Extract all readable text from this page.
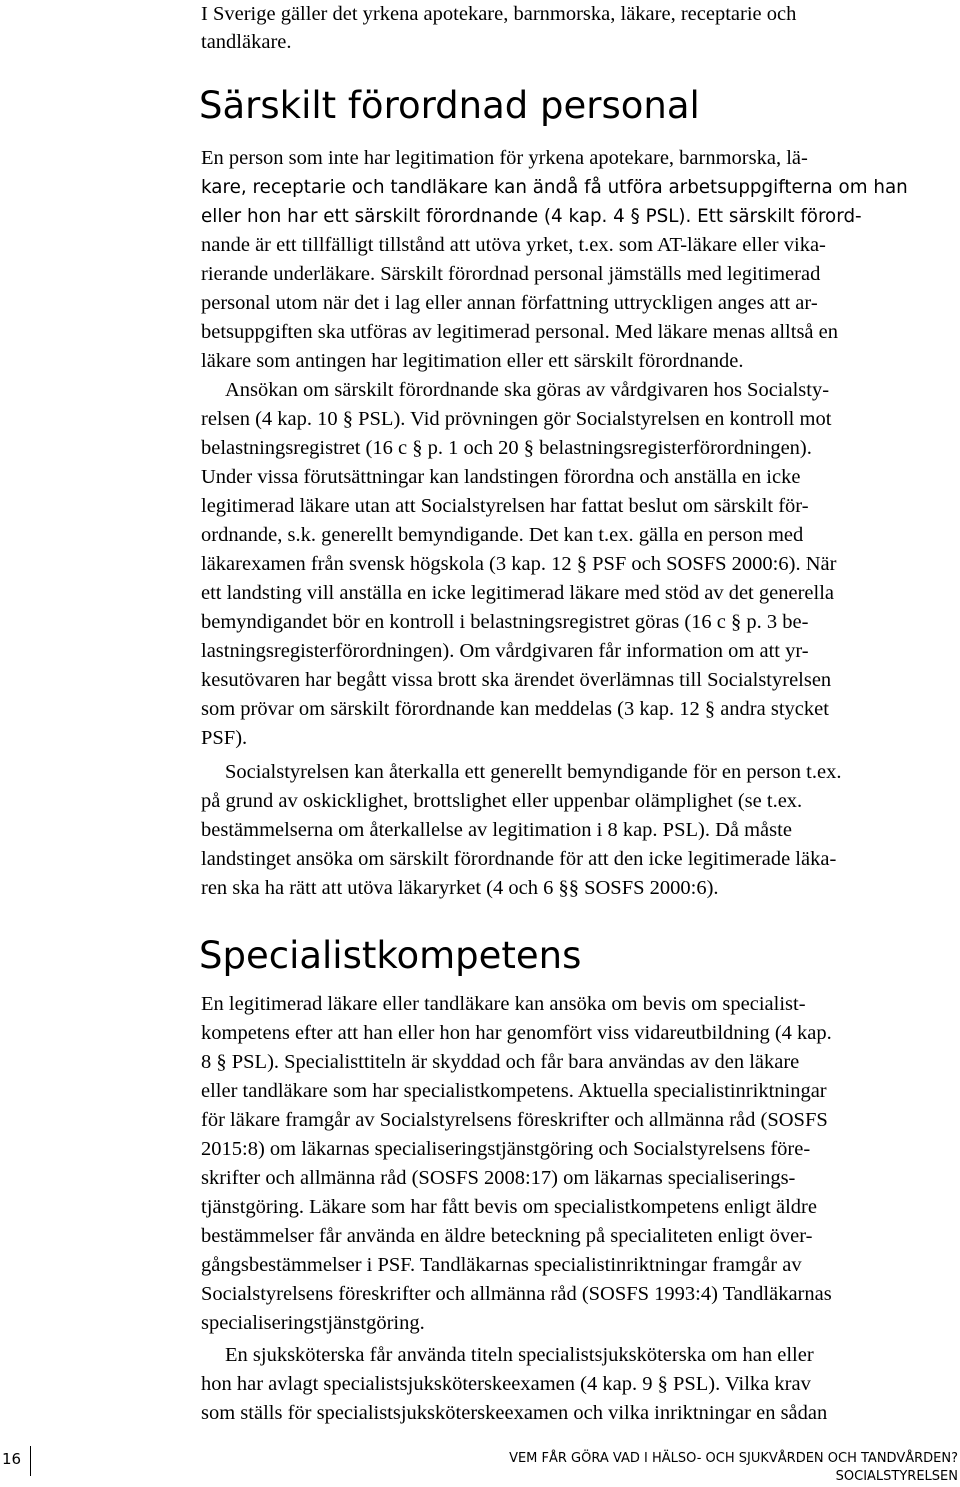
I Sverige gäller det yrkena apotekare, barnmorska, läkare, receptarie och
tandläkare.
Särskilt förordnad personal
En person som inte har legitimation för yrkena apotekare, barnmorska, lä-
kare, receptarie och tandläkare kan ändå få utföra arbetsuppgifterna om han
eller hon har ett särskilt förordnande (4 kap. 4 § PSL). Ett särskilt förord-
nande är ett tillfälligt tillstånd att utöva yrket, t.ex. som AT-läkare eller vika-
rierande underläkare. Särskilt förordnad personal jämställs med legitimerad
personal utom när det i lag eller annan författning uttryckligen anges att ar-
betsuppgiften ska utföras av legitimerad personal. Med läkare menas alltså en
läkare som antingen har legitimation eller ett särskilt förordnande.
Ansökan om särskilt förordnande ska göras av vårdgivaren hos Socialsty-
relsen (4 kap. 10 § PSL). Vid prövningen gör Socialstyrelsen en kontroll mot
belastningsregistret (16 c § p. 1 och 20 § belastningsregisterförordningen).
Under vissa förutsättningar kan landstingen förordna och anställa en icke
legitimerad läkare utan att Socialstyrelsen har fattat beslut om särskilt för-
ordnande, s.k. generellt bemyndigande. Det kan t.ex. gälla en person med
läkarexamen från svensk högskola (3 kap. 12 § PSF och SOSFS 2000:6). När
ett landsting vill anställa en icke legitimerad läkare med stöd av det generella
bemyndigandet bör en kontroll i belastningsregistret göras (16 c § p. 3 be-
lastningsregisterförordningen). Om vårdgivaren får information om att yr-
kesutövaren har begått vissa brott ska ärendet överlämnas till Socialstyrelsen
som prövar om särskilt förordnande kan meddelas (3 kap. 12 § andra stycket
PSF).
Socialstyrelsen kan återkalla ett generellt bemyndigande för en person t.ex.
på grund av oskicklighet, brottslighet eller uppenbar olämplighet (se t.ex.
bestämmelserna om återkallelse av legitimation i 8 kap. PSL). Då måste
landstinget ansöka om särskilt förordnande för att den icke legitimerade läka-
ren ska ha rätt att utöva läkaryrket (4 och 6 §§ SOSFS 2000:6).
Specialistkompetens
En legitimerad läkare eller tandläkare kan ansöka om bevis om specialist-
kompetens efter att han eller hon har genomfört viss vidareutbildning (4 kap.
8 § PSL). Specialisttiteln är skyddad och får bara användas av den läkare
eller tandläkare som har specialistkompetens. Aktuella specialistinriktningar
för läkare framgår av Socialstyrelsens föreskrifter och allmänna råd (SOSFS
2015:8) om läkarnas specialiseringstjänstgöring och Socialstyrelsens före-
skrifter och allmänna råd (SOSFS 2008:17) om läkarnas specialiserings-
tjänstgöring. Läkare som har fått bevis om specialistkompetens enligt äldre
bestämmelser får använda en äldre beteckning på specialiteten enligt över-
gångsbestämmelser i PSF. Tandläkarnas specialistinriktningar framgår av
Socialstyrelsens föreskrifter och allmänna råd (SOSFS 1993:4) Tandläkarnas
specialiseringstjänstgöring.
En sjuksköterska får använda titeln specialistsjuksköterska om han eller
hon har avlagt specialistsjuksköterskeexamen (4 kap. 9 § PSL). Vilka krav
som ställs för specialistsjuksköterskeexamen och vilka inriktningar en sådan
16	VEM FÅR GÖRA VAD I HÄLSO- OCH SJUKVÅRDEN OCH TANDVÅRDEN?
SOCIALSTYRELSEN
